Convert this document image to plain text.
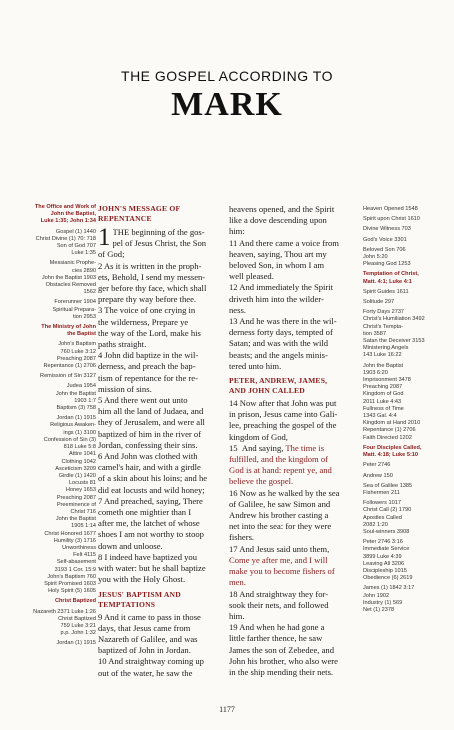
THE GOSPEL ACCORDING TO
MARK
The Office and Work of
John the Baptist,
Luke 1:35; John 1:34
Gospel (1) 1440
Christ Divine (1) 70: 718
Son of God 707
Luke 1:35
Messianic Prophe-
cies 2890
John the Baptist 1903
Obstacles Removed
1562
Forerunner 1904
Spiritual Prepara-
tion 2953
The Ministry of John
the Baptist
John's Baptism
760 Luke 3:12
Preaching 2087
Repentance (1) 2706
Remission of Sin 3127
Judea 1954
John the Baptist
1903 1:7
Baptism (3) 758
Jordan (1) 1915
Religious Awaken-
ings (1) 3100
Confession of Sin (3)
818 Luke 5:8
Attire 1041
Clothing 1042
Asceticism 3209
Girdle (1) 1420
Locusts 81
Honey 1653
Preaching 2087
Preeminence of
Christ 716
John the Baptist
1905 1:14
Christ Honored 1677
Humility (3) 1716
Unworthiness
Felt 4115
Self-abasement
3193 1 Cor. 15:9
John's Baptism 760
Spirit Promised 1603
Holy Spirit (5) 1605
Christ Baptized
Nazareth 2371 Luke 1:26
Christ Baptized
759 Luke 3:21
p.p. John 1:32
Jordan (1) 1915
Heaven Opened 1548
Spirit upon Christ 1610
Divine Witness 703
God's Voice 3301
Beloved Son 706
John 5:20
Pleasing God 1253
Temptation of Christ,
Matt. 4:1; Luke 4:1
Spirit Guides 1611
Solitude 297
Forty Days 2737
Christ's Humiliation 3492
Christ's Tempta-
tion 3587
Satan the Deceiver 3153
Ministering Angels
143 Luke 16:22
John the Baptist
1903 6:20
Imprisonment 3478
Preaching 2087
Kingdom of God
2011 Luke 4:43
Fullness of Time
1343 Gal. 4:4
Kingdom at Hand 2010
Repentance (1) 2706
Faith Directed 1202
Four Disciples Called,
Matt. 4:18; Luke 5:10
Peter 2746
Andrew 150
Sea of Galilee 1385
Fishermen 211
Followers 1017
Christ Call (2) 1790
Apostles Called
2082 1:20
Soul-winners 3908
Peter 2746 3:16
Immediate Service
3899 Luke 4:39
Leaving All 3206
Discipleship 1015
Obedience (6) 2619
James (1) 1842 3:17
John 1902
Industry (1) 569
Net (1) 2378
JOHN'S MESSAGE OF
REPENTANCE
1 THE beginning of the gos-
pel of Jesus Christ, the Son
of God;
2 As it is written in the proph-
ets, Behold, I send my messen-
ger before thy face, which shall
prepare thy way before thee.
3 The voice of one crying in
the wilderness, Prepare ye
the way of the Lord, make his
paths straight.
4 John did baptize in the wil-
derness, and preach the bap-
tism of repentance for the re-
mission of sins.
5 And there went out unto
him all the land of Judaea, and
they of Jerusalem, and were all
baptized of him in the river of
Jordan, confessing their sins.
6 And John was clothed with
camel's hair, and with a girdle
of a skin about his loins; and he
did eat locusts and wild honey;
7 And preached, saying, There
cometh one mightier than I
after me, the latchet of whose
shoes I am not worthy to stoop
down and unloose.
8 I indeed have baptized you
with water: but he shall baptize
you with the Holy Ghost.
JESUS' BAPTISM AND
TEMPTATIONS
9 And it came to pass in those
days, that Jesus came from
Nazareth of Galilee, and was
baptized of John in Jordan.
10 And straightway coming up
out of the water, he saw the
heavens opened, and the Spirit
like a dove descending upon
him:
11 And there came a voice from
heaven, saying, Thou art my
beloved Son, in whom I am
well pleased.
12 And immediately the Spirit
driveth him into the wilder-
ness.
13 And he was there in the wil-
derness forty days, tempted of
Satan; and was with the wild
beasts; and the angels minis-
tered unto him.
PETER, ANDREW, JAMES,
AND JOHN CALLED
14 Now after that John was put
in prison, Jesus came into Gali-
lee, preaching the gospel of the
kingdom of God,
15  And saying, The time is
fulfilled, and the kingdom of
God is at hand: repent ye, and
believe the gospel.
16 Now as he walked by the sea
of Galilee, he saw Simon and
Andrew his brother casting a
net into the sea: for they were
fishers.
17 And Jesus said unto them,
Come ye after me, and I will
make you to become fishers of
men.
18 And straightway they for-
sook their nets, and followed
him.
19 And when he had gone a
little farther thence, he saw
James the son of Zebedee, and
John his brother, who also were
in the ship mending their nets.
1177
